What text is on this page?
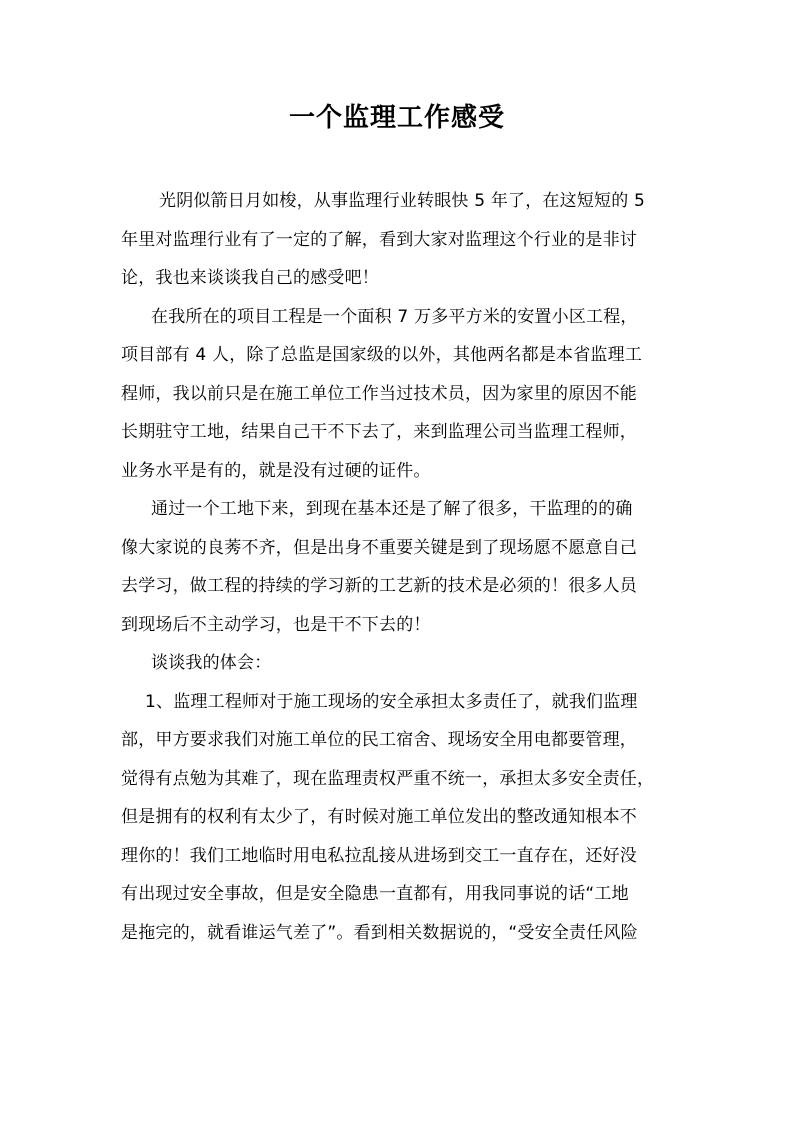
一个监理工作感受
光阴似箭日月如梭，从事监理行业转眼快 5 年了，在这短短的 5
年里对监理行业有了一定的了解，看到大家对监理这个行业的是非讨
论，我也来谈谈我自己的感受吧！
在我所在的项目工程是一个面积 7 万多平方米的安置小区工程，
项目部有 4 人，除了总监是国家级的以外，其他两名都是本省监理工
程师，我以前只是在施工单位工作当过技术员，因为家里的原因不能
长期驻守工地，结果自己干不下去了，来到监理公司当监理工程师，
业务水平是有的，就是没有过硬的证件。
通过一个工地下来，到现在基本还是了解了很多，干监理的的确
像大家说的良莠不齐，但是出身不重要关键是到了现场愿不愿意自己
去学习，做工程的持续的学习新的工艺新的技术是必须的！很多人员
到现场后不主动学习，也是干不下去的！
谈谈我的体会：
1、监理工程师对于施工现场的安全承担太多责任了，就我们监理
部，甲方要求我们对施工单位的民工宿舍、现场安全用电都要管理，
觉得有点勉为其难了，现在监理责权严重不统一，承担太多安全责任，
但是拥有的权利有太少了，有时候对施工单位发出的整改通知根本不
理你的！我们工地临时用电私拉乱接从进场到交工一直存在，还好没
有出现过安全事故，但是安全隐患一直都有，用我同事说的话“工地
是拖完的，就看谁运气差了”。看到相关数据说的，“受安全责任风险
